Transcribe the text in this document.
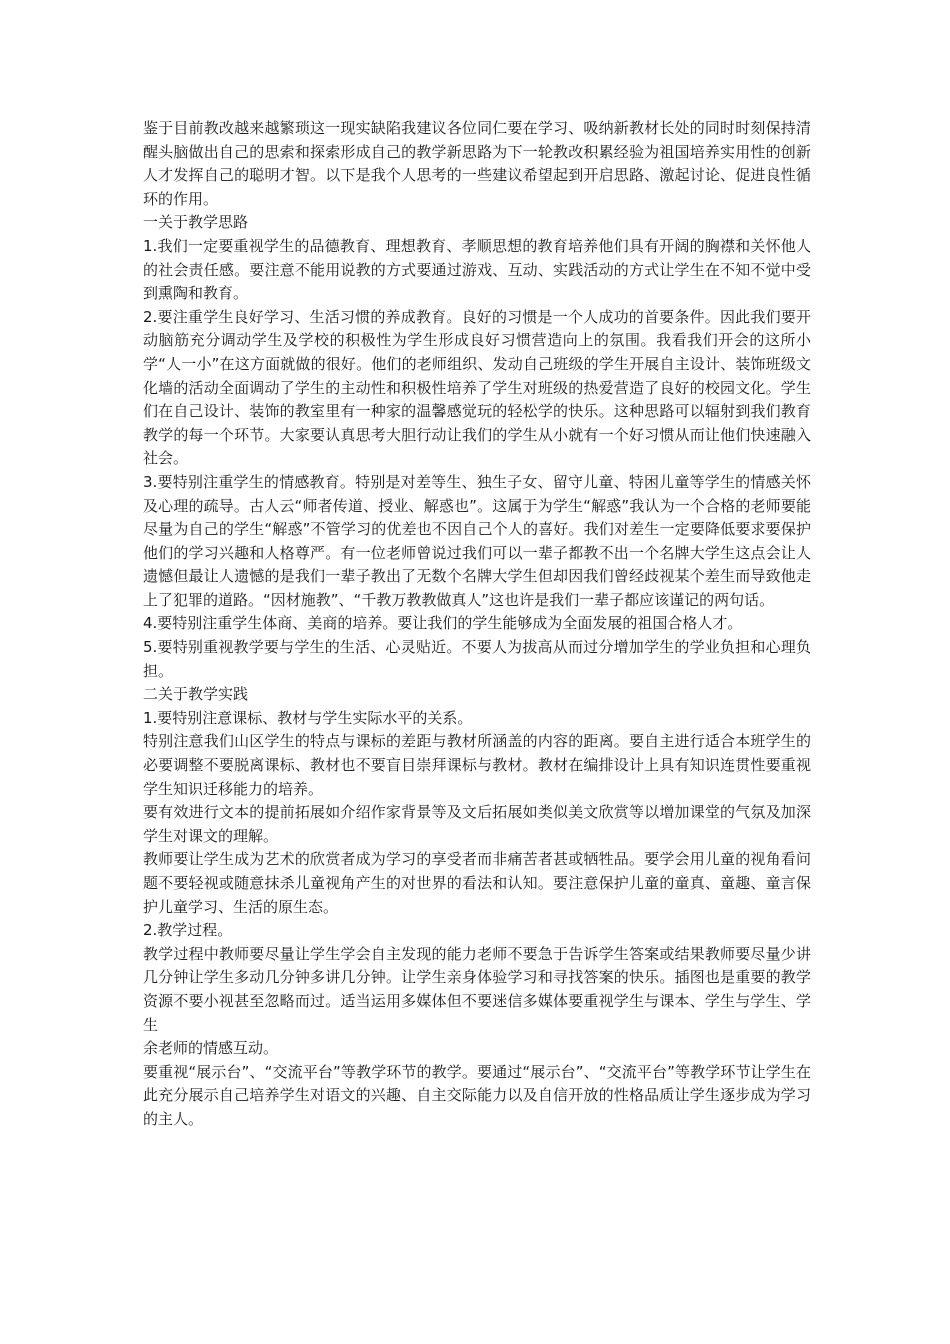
鉴于目前教改越来越繁琐这一现实缺陷我建议各位同仁要在学习、吸纳新教材长处的同时时刻保持清醒头脑做出自己的思索和探索形成自己的教学新思路为下一轮教改积累经验为祖国培养实用性的创新人才发挥自己的聪明才智。以下是我个人思考的一些建议希望起到开启思路、激起讨论、促进良性循环的作用。

一关于教学思路

1.我们一定要重视学生的品德教育、理想教育、孝顺思想的教育培养他们具有开阔的胸襟和关怀他人的社会责任感。要注意不能用说教的方式要通过游戏、互动、实践活动的方式让学生在不知不觉中受到熏陶和教育。

2.要注重学生良好学习、生活习惯的养成教育。良好的习惯是一个人成功的首要条件。因此我们要开动脑筋充分调动学生及学校的积极性为学生形成良好习惯营造向上的氛围。我看我们开会的这所小学“人一小”在这方面就做的很好。他们的老师组织、发动自己班级的学生开展自主设计、装饰班级文化墙的活动全面调动了学生的主动性和积极性培养了学生对班级的热爱营造了良好的校园文化。学生们在自己设计、装饰的教室里有一种家的温馨感觉玩的轻松学的快乐。这种思路可以辐射到我们教育教学的每一个环节。大家要认真思考大胆行动让我们的学生从小就有一个好习惯从而让他们快速融入社会。

3.要特别注重学生的情感教育。特别是对差等生、独生子女、留守儿童、特困儿童等学生的情感关怀及心理的疏导。古人云“师者传道、授业、解惑也”。这属于为学生“解惑”我认为一个合格的老师要能尽量为自己的学生“解惑”不管学习的优差也不因自己个人的喜好。我们对差生一定要降低要求要保护他们的学习兴趣和人格尊严。有一位老师曾说过我们可以一辈子都教不出一个名牌大学生这点会让人遗憾但最让人遗憾的是我们一辈子教出了无数个名牌大学生但却因我们曾经歧视某个差生而导致他走上了犯罪的道路。“因材施教”、“千教万教教做真人”这也许是我们一辈子都应该谨记的两句话。

4.要特别注重学生体商、美商的培养。要让我们的学生能够成为全面发展的祖国合格人才。

5.要特别重视教学要与学生的生活、心灵贴近。不要人为拔高从而过分增加学生的学业负担和心理负担。

二关于教学实践

1.要特别注意课标、教材与学生实际水平的关系。

特别注意我们山区学生的特点与课标的差距与教材所涵盖的内容的距离。要自主进行适合本班学生的必要调整不要脱离课标、教材也不要盲目崇拜课标与教材。教材在编排设计上具有知识连贯性要重视学生知识迁移能力的培养。

要有效进行文本的提前拓展如介绍作家背景等及文后拓展如类似美文欣赏等以增加课堂的气氛及加深学生对课文的理解。

教师要让学生成为艺术的欣赏者成为学习的享受者而非痛苦者甚或牺牲品。要学会用儿童的视角看问题不要轻视或随意抹杀儿童视角产生的对世界的看法和认知。要注意保护儿童的童真、童趣、童言保护儿童学习、生活的原生态。

2.教学过程。

教学过程中教师要尽量让学生学会自主发现的能力老师不要急于告诉学生答案或结果教师要尽量少讲几分钟让学生多动几分钟多讲几分钟。让学生亲身体验学习和寻找答案的快乐。插图也是重要的教学资源不要小视甚至忽略而过。适当运用多媒体但不要迷信多媒体要重视学生与课本、学生与学生、学生

余老师的情感互动。

要重视“展示台”、“交流平台”等教学环节的教学。要通过“展示台”、“交流平台”等教学环节让学生在此充分展示自己培养学生对语文的兴趣、自主交际能力以及自信开放的性格品质让学生逐步成为学习的主人。
